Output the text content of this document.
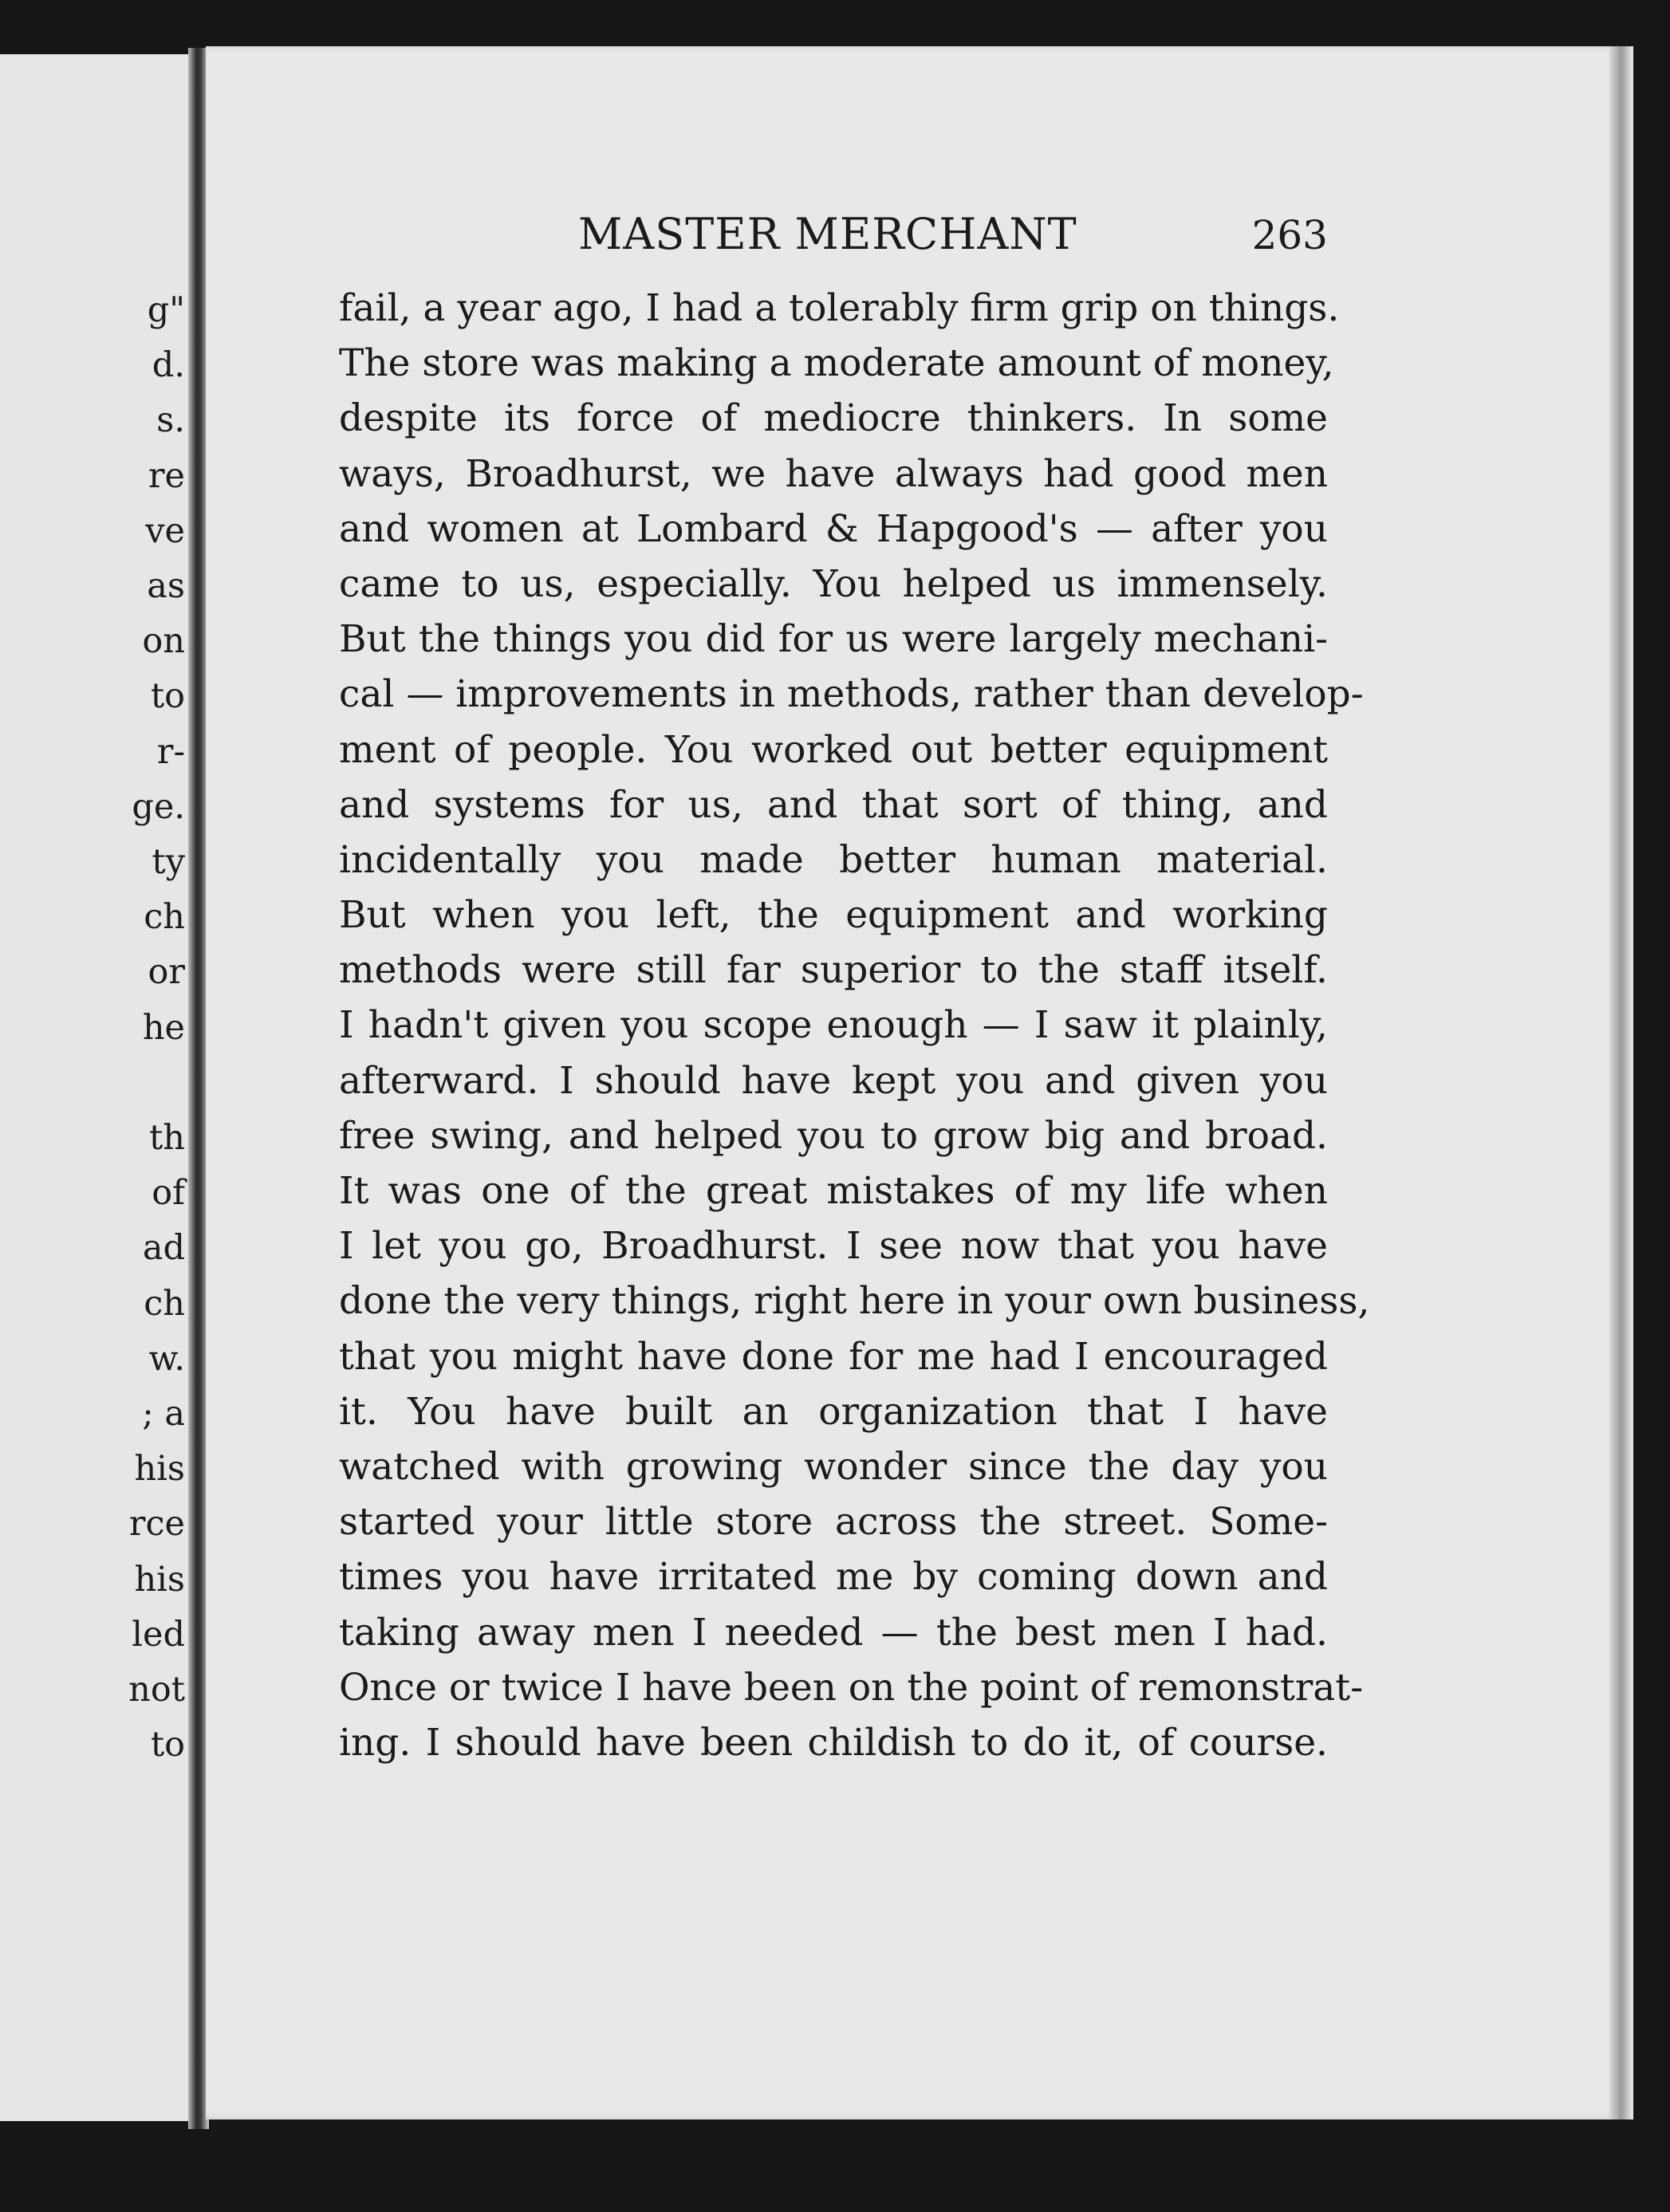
g"
d.
s.
re
ve
as
on
to
r-
ge.
ty
ch
or
he
th
of
ad
ch
w.
; a
his
rce
his
led
not
to
MASTER MERCHANT	263
fail, a year ago, I had a tolerably firm grip on things.
The store was making a moderate amount of money,
despite its force of mediocre thinkers. In some
ways, Broadhurst, we have always had good men
and women at Lombard & Hapgood's — after you
came to us, especially. You helped us immensely.
But the things you did for us were largely mechani-
cal — improvements in methods, rather than develop-
ment of people. You worked out better equipment
and systems for us, and that sort of thing, and
incidentally you made better human material.
But when you left, the equipment and working
methods were still far superior to the staff itself.
I hadn't given you scope enough — I saw it plainly,
afterward. I should have kept you and given you
free swing, and helped you to grow big and broad.
It was one of the great mistakes of my life when
I let you go, Broadhurst. I see now that you have
done the very things, right here in your own business,
that you might have done for me had I encouraged
it. You have built an organization that I have
watched with growing wonder since the day you
started your little store across the street. Some-
times you have irritated me by coming down and
taking away men I needed — the best men I had.
Once or twice I have been on the point of remonstrat-
ing. I should have been childish to do it, of course.
